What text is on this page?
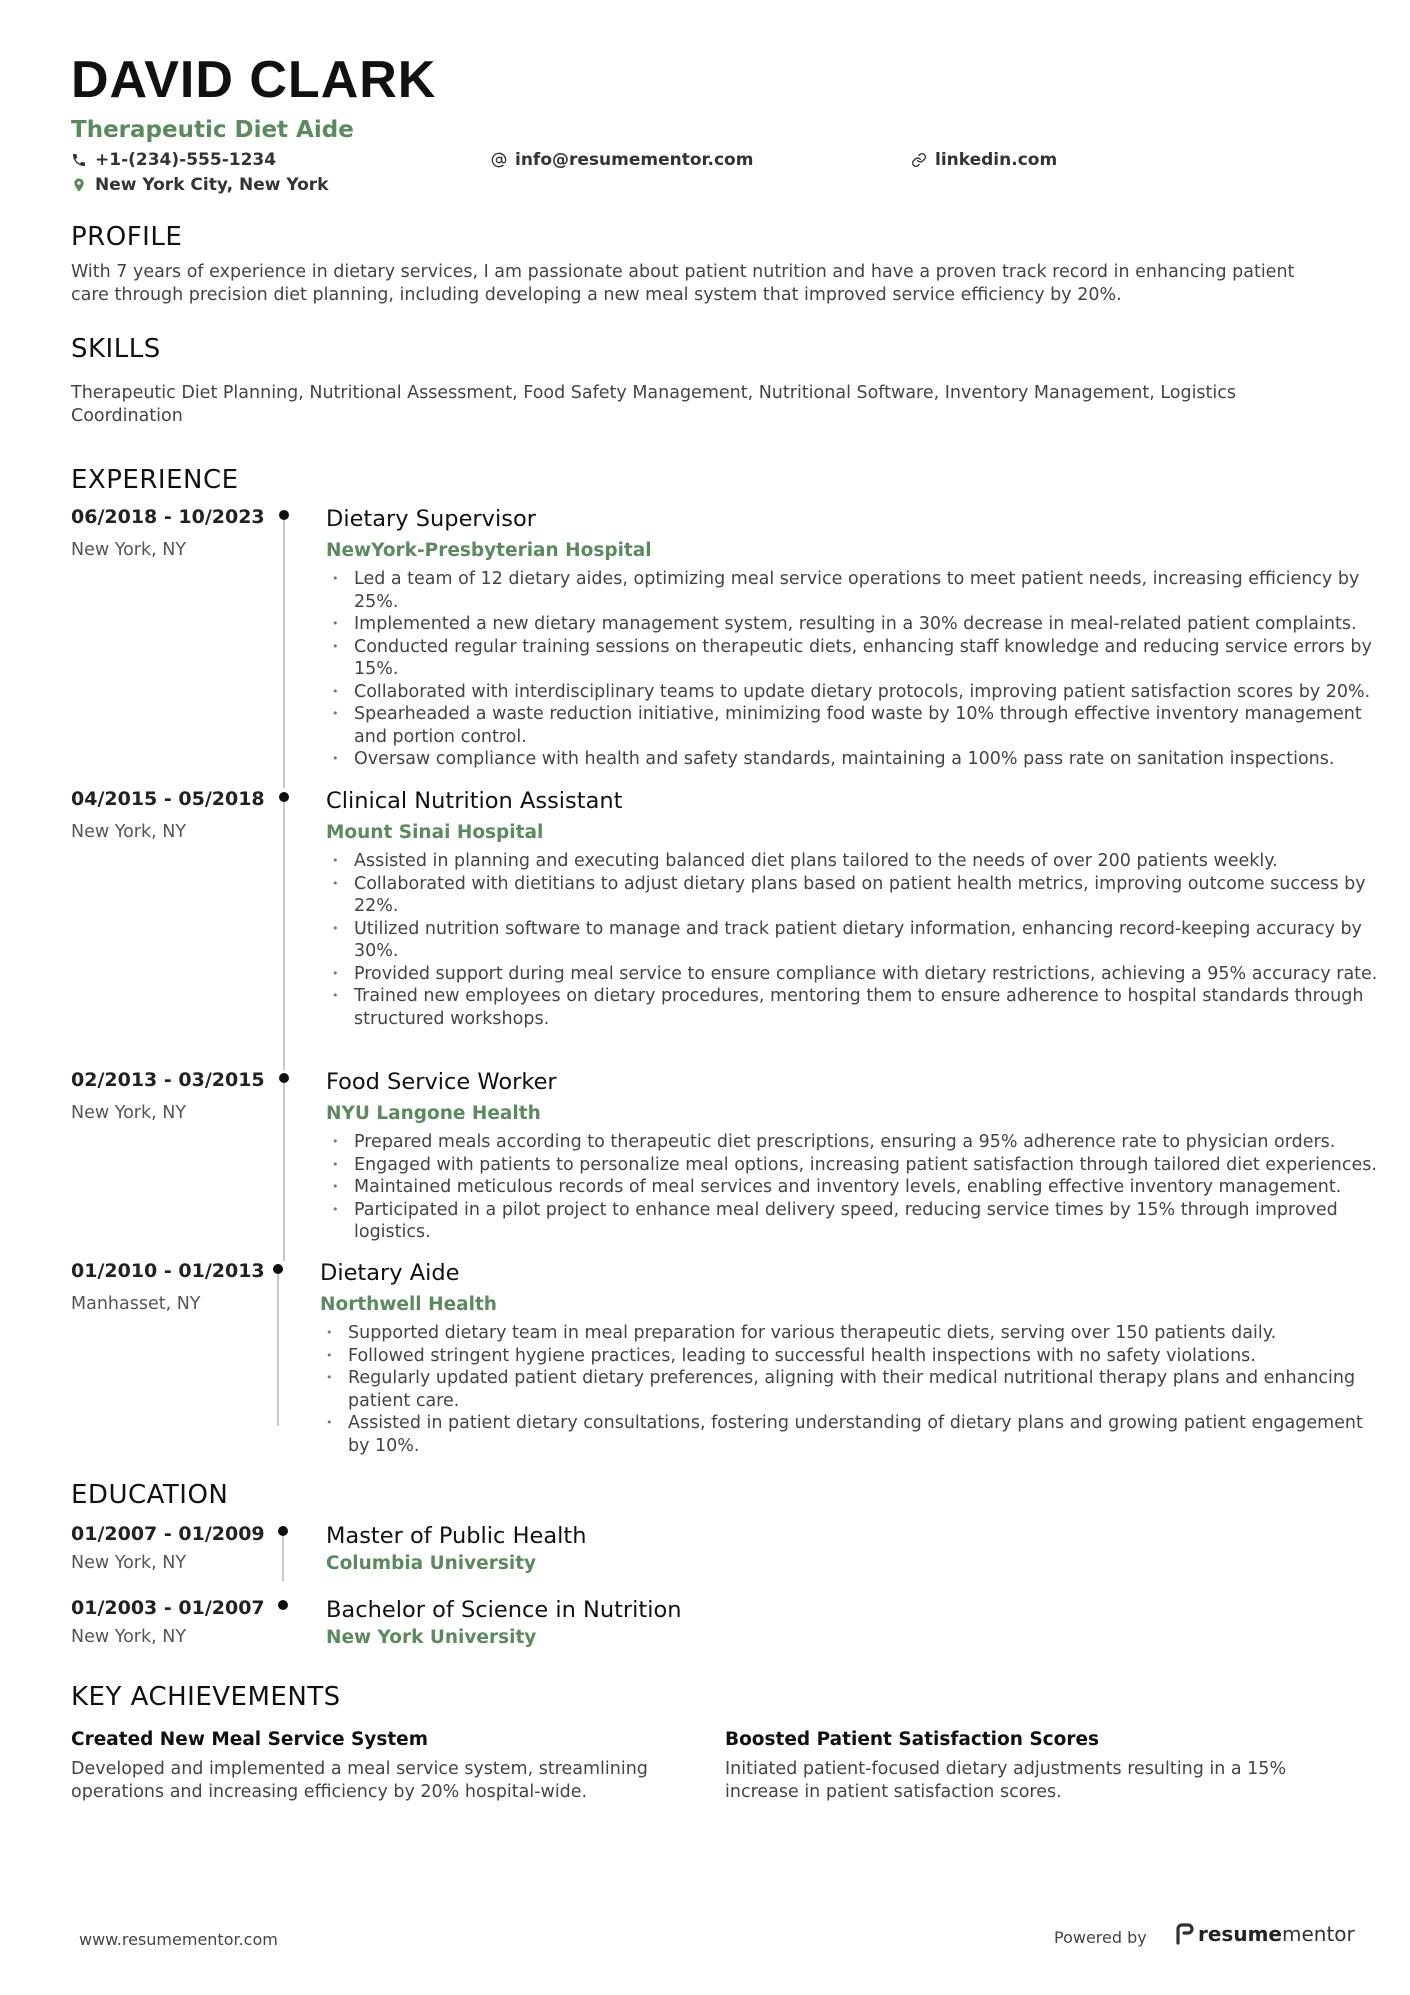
DAVID CLARK
Therapeutic Diet Aide
+1-(234)-555-1234	info@resumementor.com	linkedin.com
New York City, New York
PROFILE

With 7 years of experience in dietary services, I am passionate about patient nutrition and have a proven track record in enhancing patient care through precision diet planning, including developing a new meal system that improved service efficiency by 20%.

SKILLS

Therapeutic Diet Planning, Nutritional Assessment, Food Safety Management, Nutritional Software, Inventory Management, Logistics Coordination

EXPERIENCE
06/2018 - 10/2023
New York, NY
Dietary Supervisor
NewYork-Presbyterian Hospital
• Led a team of 12 dietary aides, optimizing meal service operations to meet patient needs, increasing efficiency by 25%.
• Implemented a new dietary management system, resulting in a 30% decrease in meal-related patient complaints.
• Conducted regular training sessions on therapeutic diets, enhancing staff knowledge and reducing service errors by 15%.
• Collaborated with interdisciplinary teams to update dietary protocols, improving patient satisfaction scores by 20%.
• Spearheaded a waste reduction initiative, minimizing food waste by 10% through effective inventory management and portion control.
• Oversaw compliance with health and safety standards, maintaining a 100% pass rate on sanitation inspections.
04/2015 - 05/2018
New York, NY
Clinical Nutrition Assistant
Mount Sinai Hospital
• Assisted in planning and executing balanced diet plans tailored to the needs of over 200 patients weekly.
• Collaborated with dietitians to adjust dietary plans based on patient health metrics, improving outcome success by 22%.
• Utilized nutrition software to manage and track patient dietary information, enhancing record-keeping accuracy by 30%.
• Provided support during meal service to ensure compliance with dietary restrictions, achieving a 95% accuracy rate.
• Trained new employees on dietary procedures, mentoring them to ensure adherence to hospital standards through structured workshops.
02/2013 - 03/2015
New York, NY
Food Service Worker
NYU Langone Health
• Prepared meals according to therapeutic diet prescriptions, ensuring a 95% adherence rate to physician orders.
• Engaged with patients to personalize meal options, increasing patient satisfaction through tailored diet experiences.
• Maintained meticulous records of meal services and inventory levels, enabling effective inventory management.
• Participated in a pilot project to enhance meal delivery speed, reducing service times by 15% through improved logistics.
01/2010 - 01/2013
Manhasset, NY
Dietary Aide
Northwell Health
• Supported dietary team in meal preparation for various therapeutic diets, serving over 150 patients daily.
• Followed stringent hygiene practices, leading to successful health inspections with no safety violations.
• Regularly updated patient dietary preferences, aligning with their medical nutritional therapy plans and enhancing patient care.
• Assisted in patient dietary consultations, fostering understanding of dietary plans and growing patient engagement by 10%.
EDUCATION
01/2007 - 01/2009
New York, NY
Master of Public Health
Columbia University
01/2003 - 01/2007
New York, NY
Bachelor of Science in Nutrition
New York University
KEY ACHIEVEMENTS

Created New Meal Service System

Developed and implemented a meal service system, streamlining operations and increasing efficiency by 20% hospital-wide.

Boosted Patient Satisfaction Scores

Initiated patient-focused dietary adjustments resulting in a 15% increase in patient satisfaction scores.

www.resumementor.com	Powered by	resumementor
